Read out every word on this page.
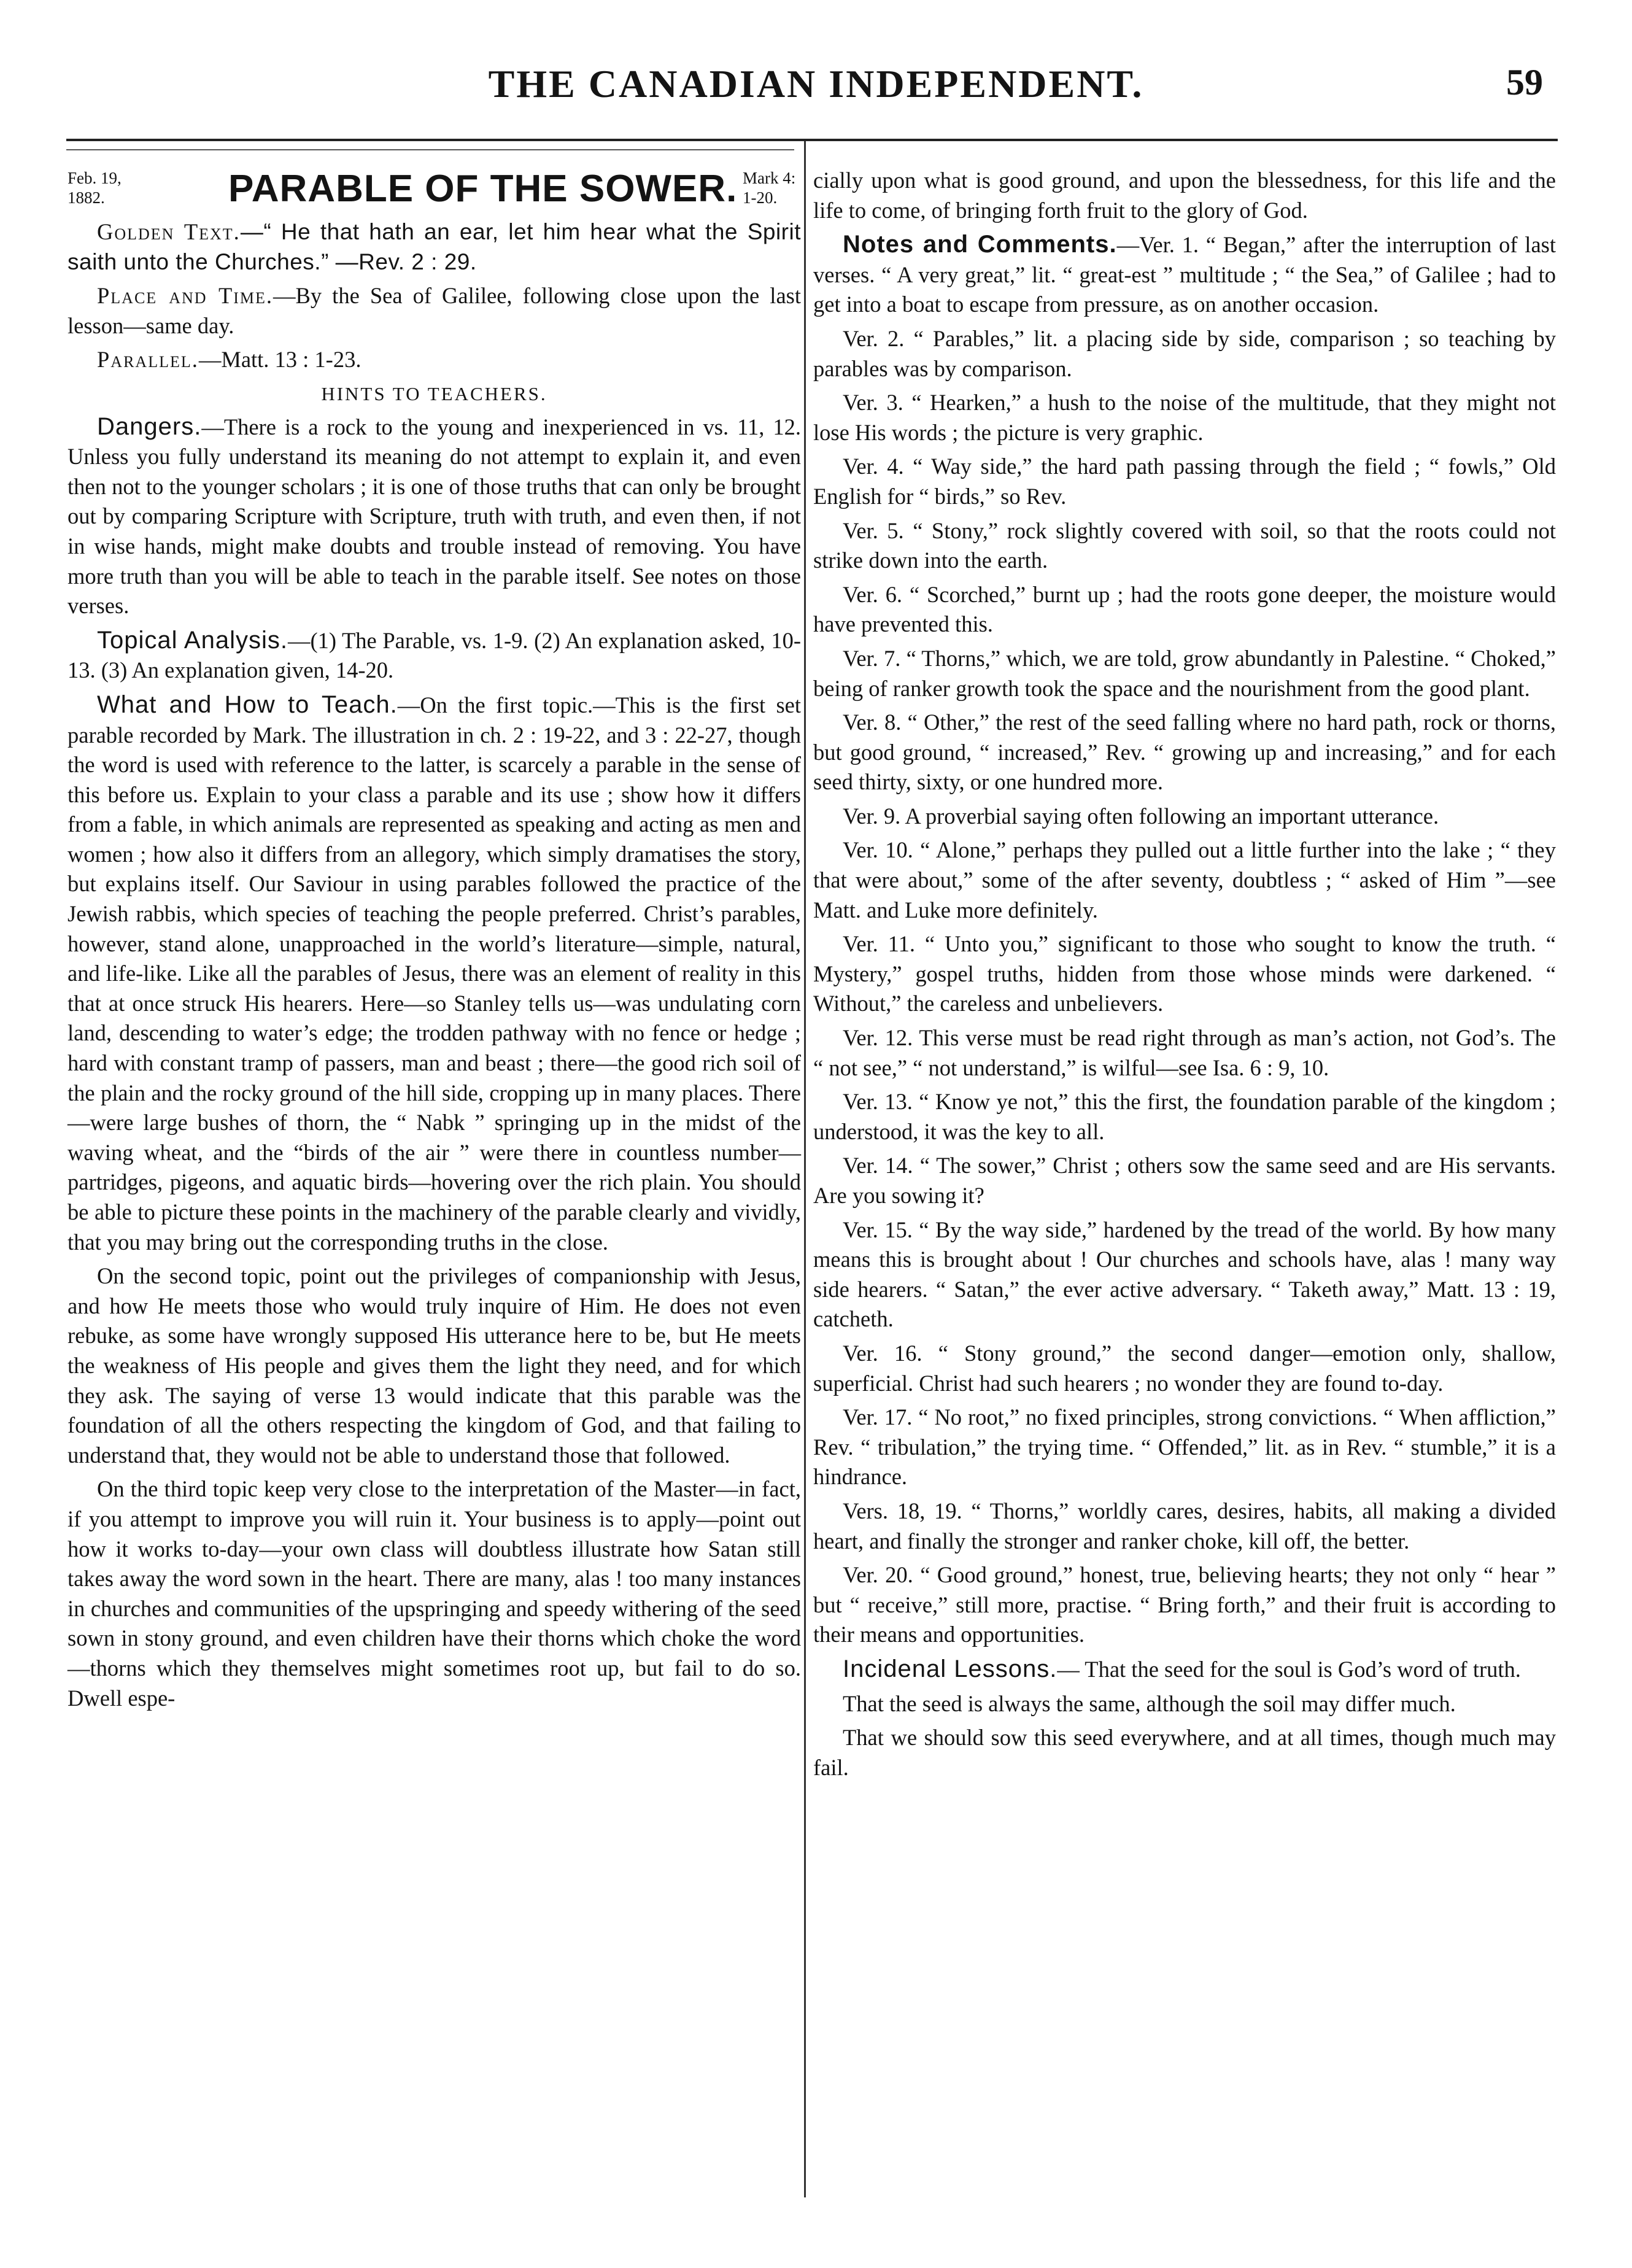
THE CANADIAN INDEPENDENT.	59
Feb. 19,
1882.	PARABLE OF THE SOWER. Mark 4:
1-20.

Golden Text.—“ He that hath an ear, let him hear what the Spirit saith unto the Churches.” —Rev. 2 : 29.

Place and Time.—By the Sea of Galilee, following close upon the last lesson—same day.

Parallel.—Matt. 13 : 1-23.

HINTS TO TEACHERS.

Dangers.—There is a rock to the young and inexperienced in vs. 11, 12. Unless you fully understand its meaning do not attempt to explain it, and even then not to the younger scholars ; it is one of those truths that can only be brought out by comparing Scripture with Scripture, truth with truth, and even then, if not in wise hands, might make doubts and trouble instead of removing. You have more truth than you will be able to teach in the parable itself. See notes on those verses.

Topical Analysis.—(1) The Parable, vs. 1-9. (2) An explanation asked, 10-13. (3) An explanation given, 14-20.

What and How to Teach.—On the first topic.—This is the first set parable recorded by Mark. The illustration in ch. 2 : 19-22, and 3 : 22-27, though the word is used with reference to the latter, is scarcely a parable in the sense of this before us. Explain to your class a parable and its use ; show how it differs from a fable, in which animals are represented as speaking and acting as men and women ; how also it differs from an allegory, which simply dramatises the story, but explains itself. Our Saviour in using parables followed the practice of the Jewish rabbis, which species of teaching the people preferred. Christ’s parables, however, stand alone, unapproached in the world’s literature—simple, natural, and life-like. Like all the parables of Jesus, there was an element of reality in this that at once struck His hearers. Here—so Stanley tells us—was undulating corn land, descending to water’s edge; the trodden pathway with no fence or hedge ; hard with constant tramp of passers, man and beast ; there—the good rich soil of the plain and the rocky ground of the hill side, cropping up in many places. There—were large bushes of thorn, the “ Nabk ” springing up in the midst of the waving wheat, and the “birds of the air ” were there in countless number—partridges, pigeons, and aquatic birds—hovering over the rich plain. You should be able to picture these points in the machinery of the parable clearly and vividly, that you may bring out the corresponding truths in the close.

On the second topic, point out the privileges of companionship with Jesus, and how He meets those who would truly inquire of Him. He does not even rebuke, as some have wrongly supposed His utterance here to be, but He meets the weakness of His people and gives them the light they need, and for which they ask. The saying of verse 13 would indicate that this parable was the foundation of all the others respecting the kingdom of God, and that failing to understand that, they would not be able to understand those that followed.

On the third topic keep very close to the interpretation of the Master—in fact, if you attempt to improve you will ruin it. Your business is to apply—point out how it works to-day—your own class will doubtless illustrate how Satan still takes away the word sown in the heart. There are many, alas ! too many instances in churches and communities of the upspringing and speedy withering of the seed sown in stony ground, and even children have their thorns which choke the word—thorns which they themselves might sometimes root up, but fail to do so. Dwell espe-

cially upon what is good ground, and upon the blessedness, for this life and the life to come, of bringing forth fruit to the glory of God.

Notes and Comments.—Ver. 1. “ Began,” after the interruption of last verses. “ A very great,” lit. “ great-est ” multitude ; “ the Sea,” of Galilee ; had to get into a boat to escape from pressure, as on another occasion.

Ver. 2. “ Parables,” lit. a placing side by side, comparison ; so teaching by parables was by comparison.

Ver. 3. “ Hearken,” a hush to the noise of the multitude, that they might not lose His words ; the picture is very graphic.

Ver. 4. “ Way side,” the hard path passing through the field ; “ fowls,” Old English for “ birds,” so Rev.

Ver. 5. “ Stony,” rock slightly covered with soil, so that the roots could not strike down into the earth.

Ver. 6. “ Scorched,” burnt up ; had the roots gone deeper, the moisture would have prevented this.

Ver. 7. “ Thorns,” which, we are told, grow abundantly in Palestine. “ Choked,” being of ranker growth took the space and the nourishment from the good plant.

Ver. 8. “ Other,” the rest of the seed falling where no hard path, rock or thorns, but good ground, “ increased,” Rev. “ growing up and increasing,” and for each seed thirty, sixty, or one hundred more.

Ver. 9. A proverbial saying often following an important utterance.

Ver. 10. “ Alone,” perhaps they pulled out a little further into the lake ; “ they that were about,” some of the after seventy, doubtless ; “ asked of Him ”—see Matt. and Luke more definitely.

Ver. 11. “ Unto you,” significant to those who sought to know the truth. “ Mystery,” gospel truths, hidden from those whose minds were darkened. “ Without,” the careless and unbelievers.

Ver. 12. This verse must be read right through as man’s action, not God’s. The “ not see,” “ not understand,” is wilful—see Isa. 6 : 9, 10.

Ver. 13. “ Know ye not,” this the first, the foundation parable of the kingdom ; understood, it was the key to all.

Ver. 14. “ The sower,” Christ ; others sow the same seed and are His servants. Are you sowing it?

Ver. 15. “ By the way side,” hardened by the tread of the world. By how many means this is brought about ! Our churches and schools have, alas ! many way side hearers. “ Satan,” the ever active adversary. “ Taketh away,” Matt. 13 : 19, catcheth.

Ver. 16. “ Stony ground,” the second danger—emotion only, shallow, superficial. Christ had such hearers ; no wonder they are found to-day.

Ver. 17. “ No root,” no fixed principles, strong convictions. “ When affliction,” Rev. “ tribulation,” the trying time. “ Offended,” lit. as in Rev. “ stumble,” it is a hindrance.

Vers. 18, 19. “ Thorns,” worldly cares, desires, habits, all making a divided heart, and finally the stronger and ranker choke, kill off, the better.

Ver. 20. “ Good ground,” honest, true, believing hearts; they not only “ hear ” but “ receive,” still more, practise. “ Bring forth,” and their fruit is according to their means and opportunities.

Incidenal Lessons.— That the seed for the soul is God’s word of truth.

That the seed is always the same, although the soil may differ much.

That we should sow this seed everywhere, and at all times, though much may fail.
